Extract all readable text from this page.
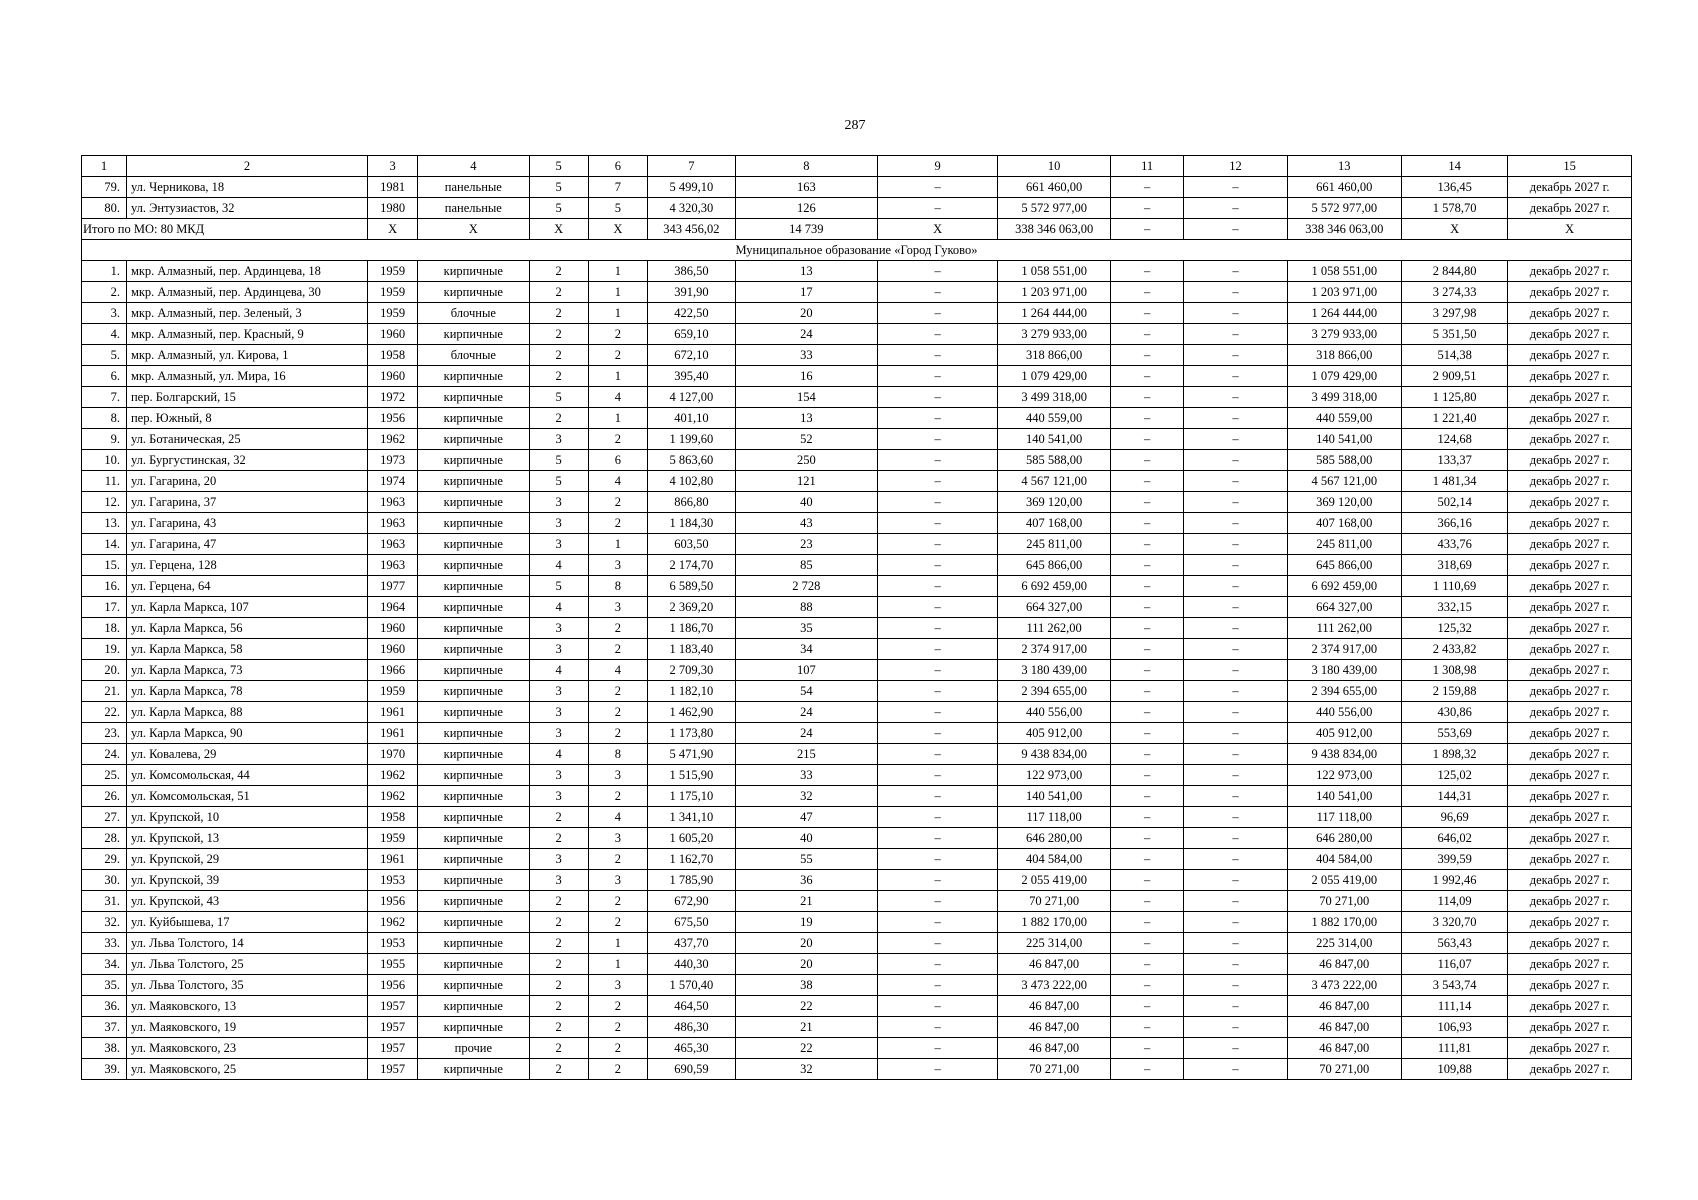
287
1	2	3	4	5	6	7	8	9	10	11	12	13	14	15
79.	ул. Черникова, 18	1981	панельные	5	7	5 499,10	163	–	661 460,00	–	–	661 460,00	136,45	декабрь 2027 г.
80.	ул. Энтузиастов, 32	1980	панельные	5	5	4 320,30	126	–	5 572 977,00	–	–	5 572 977,00	1 578,70	декабрь 2027 г.
Итого по МО: 80 МКД		X	X	X	X	343 456,02	14 739	X	338 346 063,00	–	–	338 346 063,00	X	X
Муниципальное образование «Город Гуково»														
1.	мкр. Алмазный, пер. Ардинцева, 18	1959	кирпичные	2	1	386,50	13	–	1 058 551,00	–	–	1 058 551,00	2 844,80	декабрь 2027 г.
2.	мкр. Алмазный, пер. Ардинцева, 30	1959	кирпичные	2	1	391,90	17	–	1 203 971,00	–	–	1 203 971,00	3 274,33	декабрь 2027 г.
3.	мкр. Алмазный, пер. Зеленый, 3	1959	блочные	2	1	422,50	20	–	1 264 444,00	–	–	1 264 444,00	3 297,98	декабрь 2027 г.
4.	мкр. Алмазный, пер. Красный, 9	1960	кирпичные	2	2	659,10	24	–	3 279 933,00	–	–	3 279 933,00	5 351,50	декабрь 2027 г.
5.	мкр. Алмазный, ул. Кирова, 1	1958	блочные	2	2	672,10	33	–	318 866,00	–	–	318 866,00	514,38	декабрь 2027 г.
6.	мкр. Алмазный, ул. Мира, 16	1960	кирпичные	2	1	395,40	16	–	1 079 429,00	–	–	1 079 429,00	2 909,51	декабрь 2027 г.
7.	пер. Болгарский, 15	1972	кирпичные	5	4	4 127,00	154	–	3 499 318,00	–	–	3 499 318,00	1 125,80	декабрь 2027 г.
8.	пер. Южный, 8	1956	кирпичные	2	1	401,10	13	–	440 559,00	–	–	440 559,00	1 221,40	декабрь 2027 г.
9.	ул. Ботаническая, 25	1962	кирпичные	3	2	1 199,60	52	–	140 541,00	–	–	140 541,00	124,68	декабрь 2027 г.
10.	ул. Бургустинская, 32	1973	кирпичные	5	6	5 863,60	250	–	585 588,00	–	–	585 588,00	133,37	декабрь 2027 г.
11.	ул. Гагарина, 20	1974	кирпичные	5	4	4 102,80	121	–	4 567 121,00	–	–	4 567 121,00	1 481,34	декабрь 2027 г.
12.	ул. Гагарина, 37	1963	кирпичные	3	2	866,80	40	–	369 120,00	–	–	369 120,00	502,14	декабрь 2027 г.
13.	ул. Гагарина, 43	1963	кирпичные	3	2	1 184,30	43	–	407 168,00	–	–	407 168,00	366,16	декабрь 2027 г.
14.	ул. Гагарина, 47	1963	кирпичные	3	1	603,50	23	–	245 811,00	–	–	245 811,00	433,76	декабрь 2027 г.
15.	ул. Герцена, 128	1963	кирпичные	4	3	2 174,70	85	–	645 866,00	–	–	645 866,00	318,69	декабрь 2027 г.
16.	ул. Герцена, 64	1977	кирпичные	5	8	6 589,50	2 728	–	6 692 459,00	–	–	6 692 459,00	1 110,69	декабрь 2027 г.
17.	ул. Карла Маркса, 107	1964	кирпичные	4	3	2 369,20	88	–	664 327,00	–	–	664 327,00	332,15	декабрь 2027 г.
18.	ул. Карла Маркса, 56	1960	кирпичные	3	2	1 186,70	35	–	111 262,00	–	–	111 262,00	125,32	декабрь 2027 г.
19.	ул. Карла Маркса, 58	1960	кирпичные	3	2	1 183,40	34	–	2 374 917,00	–	–	2 374 917,00	2 433,82	декабрь 2027 г.
20.	ул. Карла Маркса, 73	1966	кирпичные	4	4	2 709,30	107	–	3 180 439,00	–	–	3 180 439,00	1 308,98	декабрь 2027 г.
21.	ул. Карла Маркса, 78	1959	кирпичные	3	2	1 182,10	54	–	2 394 655,00	–	–	2 394 655,00	2 159,88	декабрь 2027 г.
22.	ул. Карла Маркса, 88	1961	кирпичные	3	2	1 462,90	24	–	440 556,00	–	–	440 556,00	430,86	декабрь 2027 г.
23.	ул. Карла Маркса, 90	1961	кирпичные	3	2	1 173,80	24	–	405 912,00	–	–	405 912,00	553,69	декабрь 2027 г.
24.	ул. Ковалева, 29	1970	кирпичные	4	8	5 471,90	215	–	9 438 834,00	–	–	9 438 834,00	1 898,32	декабрь 2027 г.
25.	ул. Комсомольская, 44	1962	кирпичные	3	3	1 515,90	33	–	122 973,00	–	–	122 973,00	125,02	декабрь 2027 г.
26.	ул. Комсомольская, 51	1962	кирпичные	3	2	1 175,10	32	–	140 541,00	–	–	140 541,00	144,31	декабрь 2027 г.
27.	ул. Крупской, 10	1958	кирпичные	2	4	1 341,10	47	–	117 118,00	–	–	117 118,00	96,69	декабрь 2027 г.
28.	ул. Крупской, 13	1959	кирпичные	2	3	1 605,20	40	–	646 280,00	–	–	646 280,00	646,02	декабрь 2027 г.
29.	ул. Крупской, 29	1961	кирпичные	3	2	1 162,70	55	–	404 584,00	–	–	404 584,00	399,59	декабрь 2027 г.
30.	ул. Крупской, 39	1953	кирпичные	3	3	1 785,90	36	–	2 055 419,00	–	–	2 055 419,00	1 992,46	декабрь 2027 г.
31.	ул. Крупской, 43	1956	кирпичные	2	2	672,90	21	–	70 271,00	–	–	70 271,00	114,09	декабрь 2027 г.
32.	ул. Куйбышева, 17	1962	кирпичные	2	2	675,50	19	–	1 882 170,00	–	–	1 882 170,00	3 320,70	декабрь 2027 г.
33.	ул. Льва Толстого, 14	1953	кирпичные	2	1	437,70	20	–	225 314,00	–	–	225 314,00	563,43	декабрь 2027 г.
34.	ул. Льва Толстого, 25	1955	кирпичные	2	1	440,30	20	–	46 847,00	–	–	46 847,00	116,07	декабрь 2027 г.
35.	ул. Льва Толстого, 35	1956	кирпичные	2	3	1 570,40	38	–	3 473 222,00	–	–	3 473 222,00	3 543,74	декабрь 2027 г.
36.	ул. Маяковского, 13	1957	кирпичные	2	2	464,50	22	–	46 847,00	–	–	46 847,00	111,14	декабрь 2027 г.
37.	ул. Маяковского, 19	1957	кирпичные	2	2	486,30	21	–	46 847,00	–	–	46 847,00	106,93	декабрь 2027 г.
38.	ул. Маяковского, 23	1957	прочие	2	2	465,30	22	–	46 847,00	–	–	46 847,00	111,81	декабрь 2027 г.
39.	ул. Маяковского, 25	1957	кирпичные	2	2	690,59	32	–	70 271,00	–	–	70 271,00	109,88	декабрь 2027 г.
